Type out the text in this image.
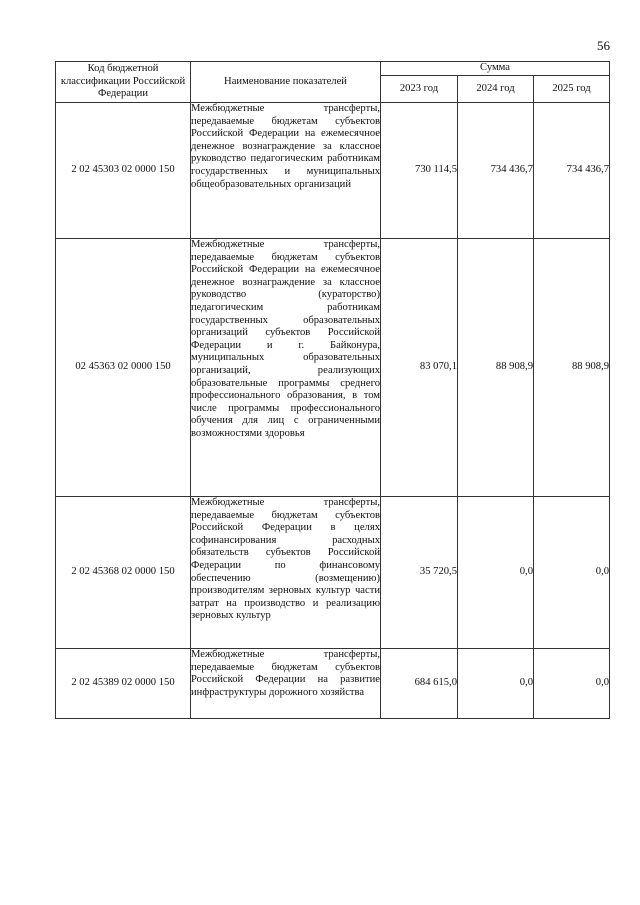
56
Код бюджетной классификации Российской Федерации	Наименование показателей	Сумма		
		2023 год	2024 год	2025 год
2 02 45303 02 0000 150	Межбюджетные трансферты, передаваемые бюджетам субъектов Российской Федерации на ежемесячное денежное вознаграждение за классное руководство педагогическим работникам государственных и муниципальных общеобразовательных организаций	730 114,5	734 436,7	734 436,7
02 45363 02 0000 150	Межбюджетные трансферты, передаваемые бюджетам субъектов Российской Федерации на ежемесячное денежное вознаграждение за классное руководство (кураторство) педагогическим работникам государственных образовательных организаций субъектов Российской Федерации и г. Байконура, муниципальных образовательных организаций, реализующих образовательные программы среднего профессионального образования, в том числе программы профессионального обучения для лиц с ограниченными возможностями здоровья	83 070,1	88 908,9	88 908,9
2 02 45368 02 0000 150	Межбюджетные трансферты, передаваемые бюджетам субъектов Российской Федерации в целях софинансирования расходных обязательств субъектов Российской Федерации по финансовому обеспечению (возмещению) производителям зерновых культур части затрат на производство и реализацию зерновых культур	35 720,5	0,0	0,0
2 02 45389 02 0000 150	Межбюджетные трансферты, передаваемые бюджетам субъектов Российской Федерации на развитие инфраструктуры дорожного хозяйства	684 615,0	0,0	0,0
